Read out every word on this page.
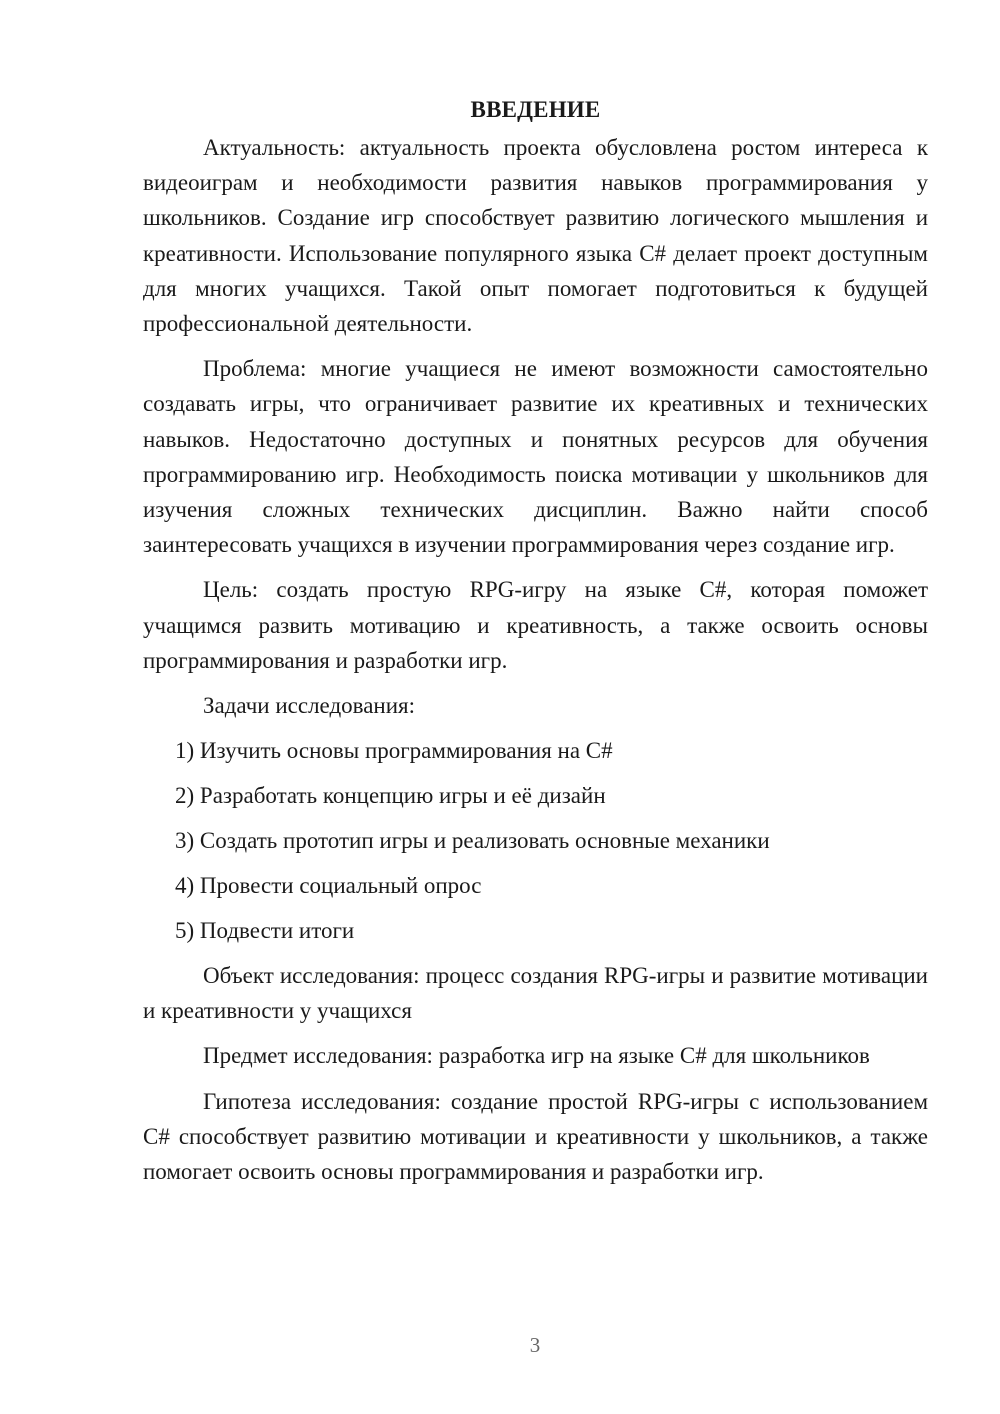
ВВЕДЕНИЕ

Актуальность: актуальность проекта обусловлена ростом интереса к видеоиграм и необходимости развития навыков программирования у школьников. Создание игр способствует развитию логического мышления и креативности. Использование популярного языка C# делает проект доступным для многих учащихся. Такой опыт помогает подготовиться к будущей профессиональной деятельности.

Проблема: многие учащиеся не имеют возможности самостоятельно создавать игры, что ограничивает развитие их креативных и технических навыков. Недостаточно доступных и понятных ресурсов для обучения программированию игр. Необходимость поиска мотивации у школьников для изучения сложных технических дисциплин. Важно найти способ заинтересовать учащихся в изучении программирования через создание игр.

Цель: создать простую RPG-игру на языке C#, которая поможет учащимся развить мотивацию и креативность, а также освоить основы программирования и разработки игр.

Задачи исследования:
1) Изучить основы программирования на C#
2) Разработать концепцию игры и её дизайн
3) Создать прототип игры и реализовать основные механики
4) Провести социальный опрос
5) Подвести итоги

Объект исследования: процесс создания RPG-игры и развитие мотивации и креативности у учащихся

Предмет исследования: разработка игр на языке C# для школьников

Гипотеза исследования: создание простой RPG-игры с использованием C# способствует развитию мотивации и креативности у школьников, а также помогает освоить основы программирования и разработки игр.

3
